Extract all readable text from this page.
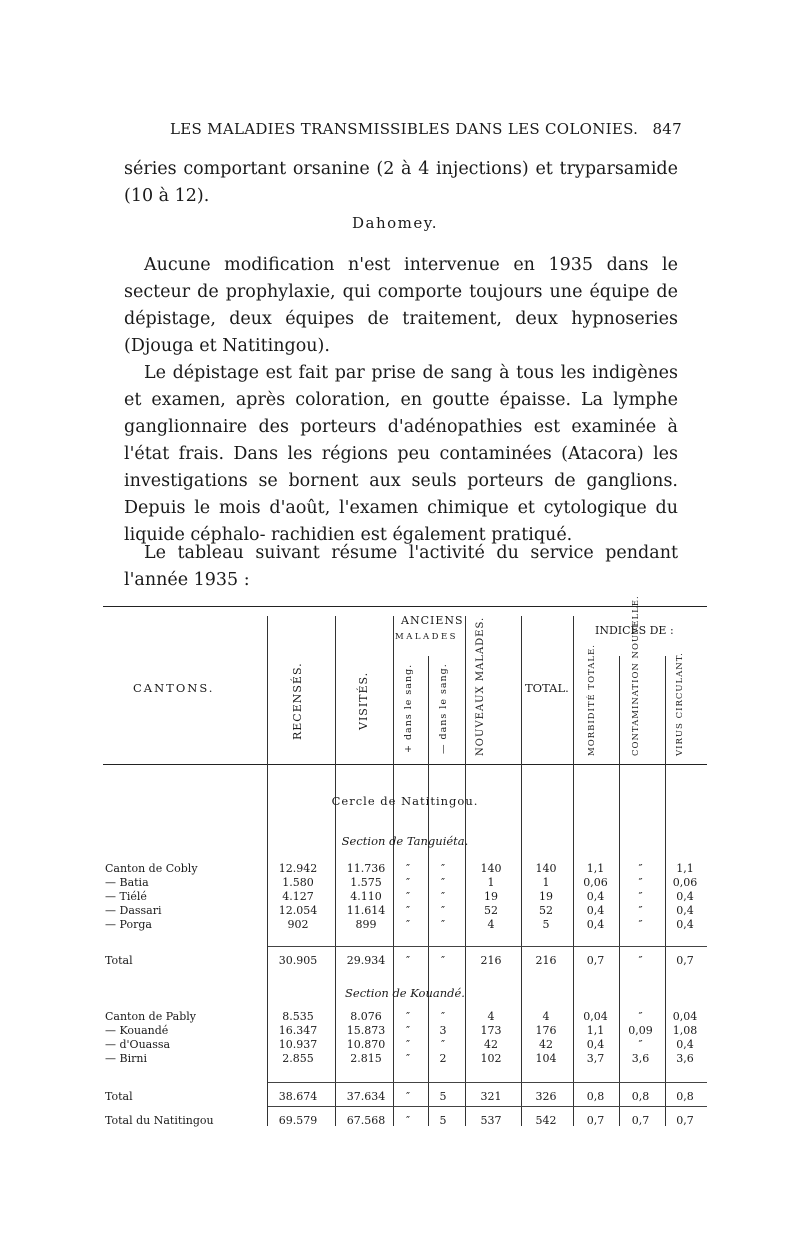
LES MALADIES TRANSMISSIBLES DANS LES COLONIES. 847
séries comportant orsanine (2 à 4 injections) et tryparsamide (10 à 12).
Dahomey.
Aucune modification n'est intervenue en 1935 dans le secteur de prophylaxie, qui comporte toujours une équipe de dépistage, deux équipes de traitement, deux hypnoseries (Djouga et Natitingou).
Le dépistage est fait par prise de sang à tous les indigènes et examen, après coloration, en goutte épaisse. La lymphe ganglionnaire des porteurs d'adénopathies est examinée à l'état frais. Dans les régions peu contaminées (Atacora) les investigations se bornent aux seuls porteurs de ganglions. Depuis le mois d'août, l'examen chimique et cytologique du liquide céphalo- rachidien est également pratiqué.
Le tableau suivant résume l'activité du service pendant l'année 1935 :
CANTONS.	RECENSÉS.	VISITÉS.
ANCIENS
MALADES
+ dans le sang.	— dans le sang.	NOUVEAUX MALADES.	TOTAL.
INDICES DE :
MORBIDITÉ TOTALE.	CONTAMINATION NOUVELLE.	VIRUS CIRCULANT.
Cercle de Natitingou.
Section de Tanguiéta.
Section de Kouandé.
Canton de Cobly	12.942	11.736	″	″	140	140	1,1	″	1,1
— Batia	1.580	1.575	″	″	1	1	0,06	″	0,06
— Tiélé	4.127	4.110	″	″	19	19	0,4	″	0,4
— Dassari	12.054	11.614	″	″	52	52	0,4	″	0,4
— Porga	902	899	″	″	4	5	0,4	″	0,4
Total	30.905	29.934	″	″	216	216	0,7	″	0,7
Canton de Pably	8.535	8.076	″	″	4	4	0,04	″	0,04
— Kouandé	16.347	15.873	″	3	173	176	1,1	0,09	1,08
— d'Ouassa	10.937	10.870	″	″	42	42	0,4	″	0,4
— Birni	2.855	2.815	″	2	102	104	3,7	3,6	3,6
Total	38.674	37.634	″	5	321	326	0,8	0,8	0,8
Total du Natitingou	69.579	67.568	″	5	537	542	0,7	0,7	0,7
